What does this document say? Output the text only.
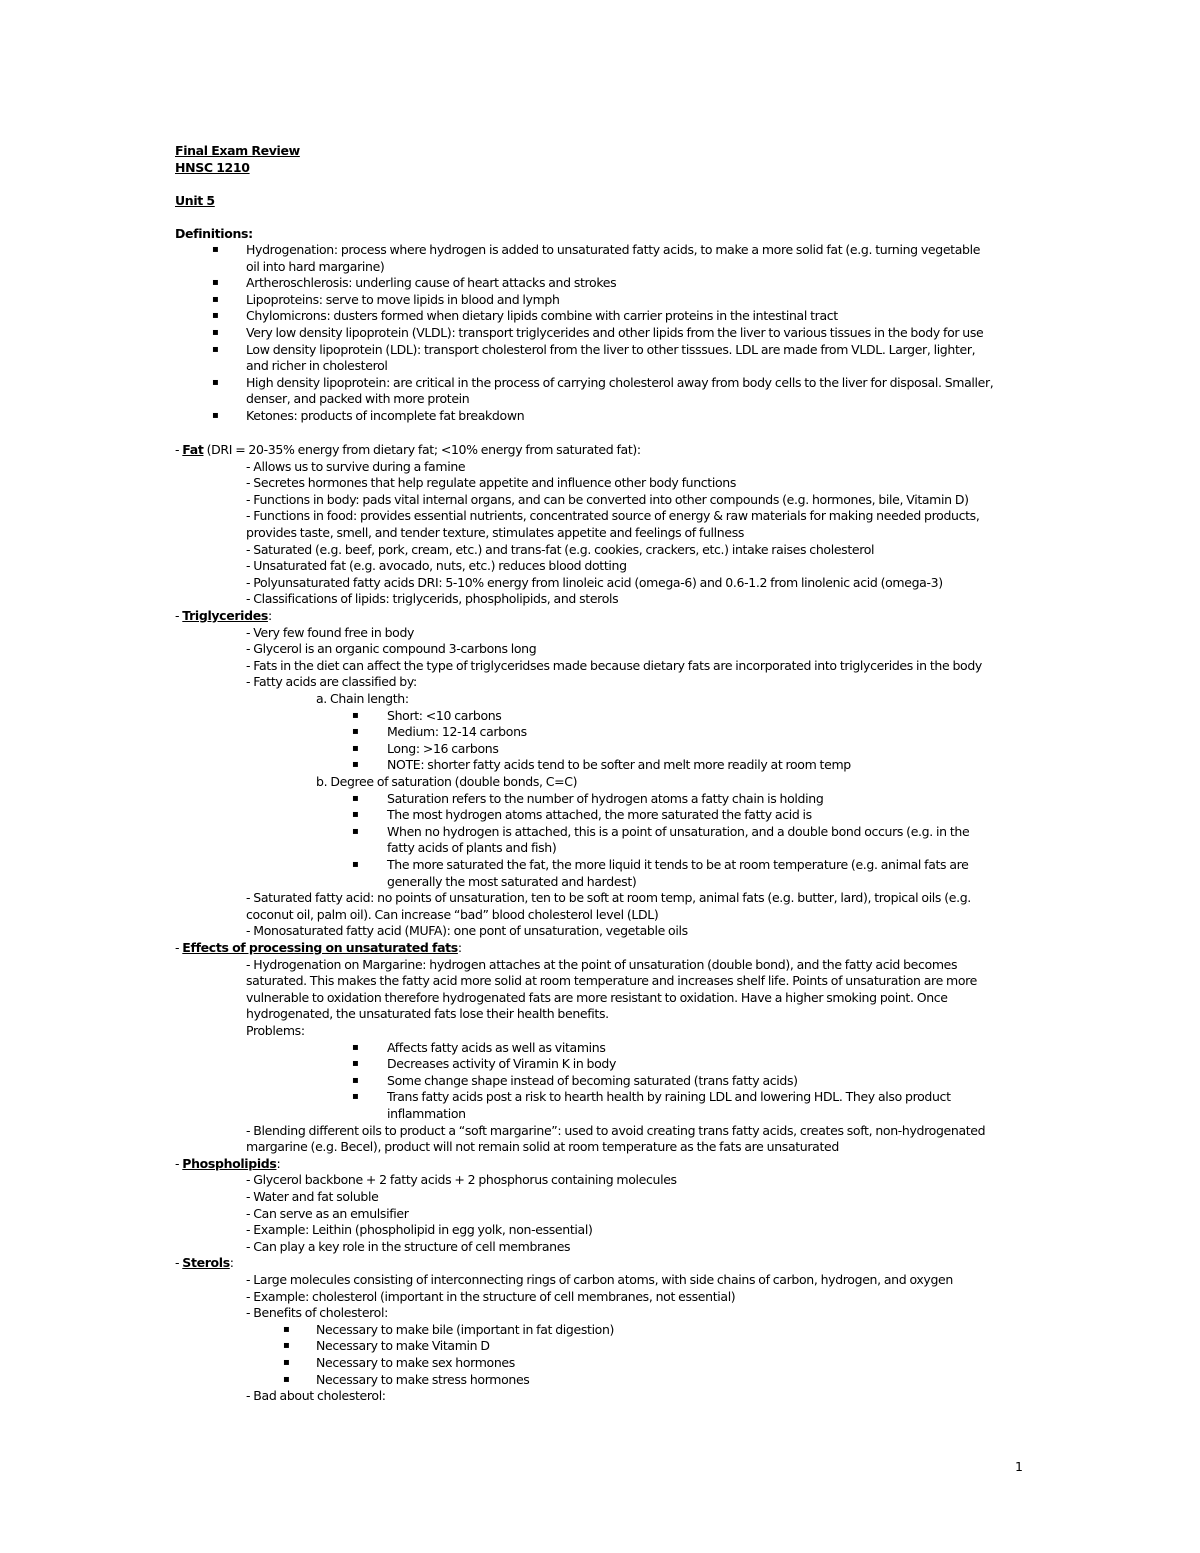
Final Exam Review
HNSC 1210
Unit 5
Definitions:
▪ Hydrogenation: process where hydrogen is added to unsaturated fatty acids, to make a more solid fat (e.g. turning vegetable
oil into hard margarine)
▪ Artheroschlerosis: underling cause of heart attacks and strokes
▪ Lipoproteins: serve to move lipids in blood and lymph
▪ Chylomicrons: dusters formed when dietary lipids combine with carrier proteins in the intestinal tract
▪ Very low density lipoprotein (VLDL): transport triglycerides and other lipids from the liver to various tissues in the body for use
▪ Low density lipoprotein (LDL): transport cholesterol from the liver to other tisssues. LDL are made from VLDL. Larger, lighter,
and richer in cholesterol
▪ High density lipoprotein: are critical in the process of carrying cholesterol away from body cells to the liver for disposal. Smaller,
denser, and packed with more protein
▪ Ketones: products of incomplete fat breakdown
- Fat (DRI = 20-35% energy from dietary fat; <10% energy from saturated fat):
- Allows us to survive during a famine
- Secretes hormones that help regulate appetite and influence other body functions
- Functions in body: pads vital internal organs, and can be converted into other compounds (e.g. hormones, bile, Vitamin D)
- Functions in food: provides essential nutrients, concentrated source of energy & raw materials for making needed products,
provides taste, smell, and tender texture, stimulates appetite and feelings of fullness
- Saturated (e.g. beef, pork, cream, etc.) and trans-fat (e.g. cookies, crackers, etc.) intake raises cholesterol
- Unsaturated fat (e.g. avocado, nuts, etc.) reduces blood dotting
- Polyunsaturated fatty acids DRI: 5-10% energy from linoleic acid (omega-6) and 0.6-1.2 from linolenic acid (omega-3)
- Classifications of lipids: triglycerids, phospholipids, and sterols
- Triglycerides:
- Very few found free in body
- Glycerol is an organic compound 3-carbons long
- Fats in the diet can affect the type of triglyceridses made because dietary fats are incorporated into triglycerides in the body
- Fatty acids are classified by:
a. Chain length:
▪ Short: <10 carbons
▪ Medium: 12-14 carbons
▪ Long: >16 carbons
▪ NOTE: shorter fatty acids tend to be softer and melt more readily at room temp
b. Degree of saturation (double bonds, C=C)
▪ Saturation refers to the number of hydrogen atoms a fatty chain is holding
▪ The most hydrogen atoms attached, the more saturated the fatty acid is
▪ When no hydrogen is attached, this is a point of unsaturation, and a double bond occurs (e.g. in the
fatty acids of plants and fish)
▪ The more saturated the fat, the more liquid it tends to be at room temperature (e.g. animal fats are
generally the most saturated and hardest)
- Saturated fatty acid: no points of unsaturation, ten to be soft at room temp, animal fats (e.g. butter, lard), tropical oils (e.g.
coconut oil, palm oil). Can increase “bad” blood cholesterol level (LDL)
- Monosaturated fatty acid (MUFA): one pont of unsaturation, vegetable oils
- Effects of processing on unsaturated fats:
- Hydrogenation on Margarine: hydrogen attaches at the point of unsaturation (double bond), and the fatty acid becomes
saturated. This makes the fatty acid more solid at room temperature and increases shelf life. Points of unsaturation are more
vulnerable to oxidation therefore hydrogenated fats are more resistant to oxidation. Have a higher smoking point. Once
hydrogenated, the unsaturated fats lose their health benefits.
Problems:
▪ Affects fatty acids as well as vitamins
▪ Decreases activity of Viramin K in body
▪ Some change shape instead of becoming saturated (trans fatty acids)
▪ Trans fatty acids post a risk to hearth health by raining LDL and lowering HDL. They also product
inflammation
- Blending different oils to product a “soft margarine”: used to avoid creating trans fatty acids, creates soft, non-hydrogenated
margarine (e.g. Becel), product will not remain solid at room temperature as the fats are unsaturated
- Phospholipids:
- Glycerol backbone + 2 fatty acids + 2 phosphorus containing molecules
- Water and fat soluble
- Can serve as an emulsifier
- Example: Leithin (phospholipid in egg yolk, non-essential)
- Can play a key role in the structure of cell membranes
- Sterols:
- Large molecules consisting of interconnecting rings of carbon atoms, with side chains of carbon, hydrogen, and oxygen
- Example: cholesterol (important in the structure of cell membranes, not essential)
- Benefits of cholesterol:
▪ Necessary to make bile (important in fat digestion)
▪ Necessary to make Vitamin D
▪ Necessary to make sex hormones
▪ Necessary to make stress hormones
- Bad about cholesterol:
1
